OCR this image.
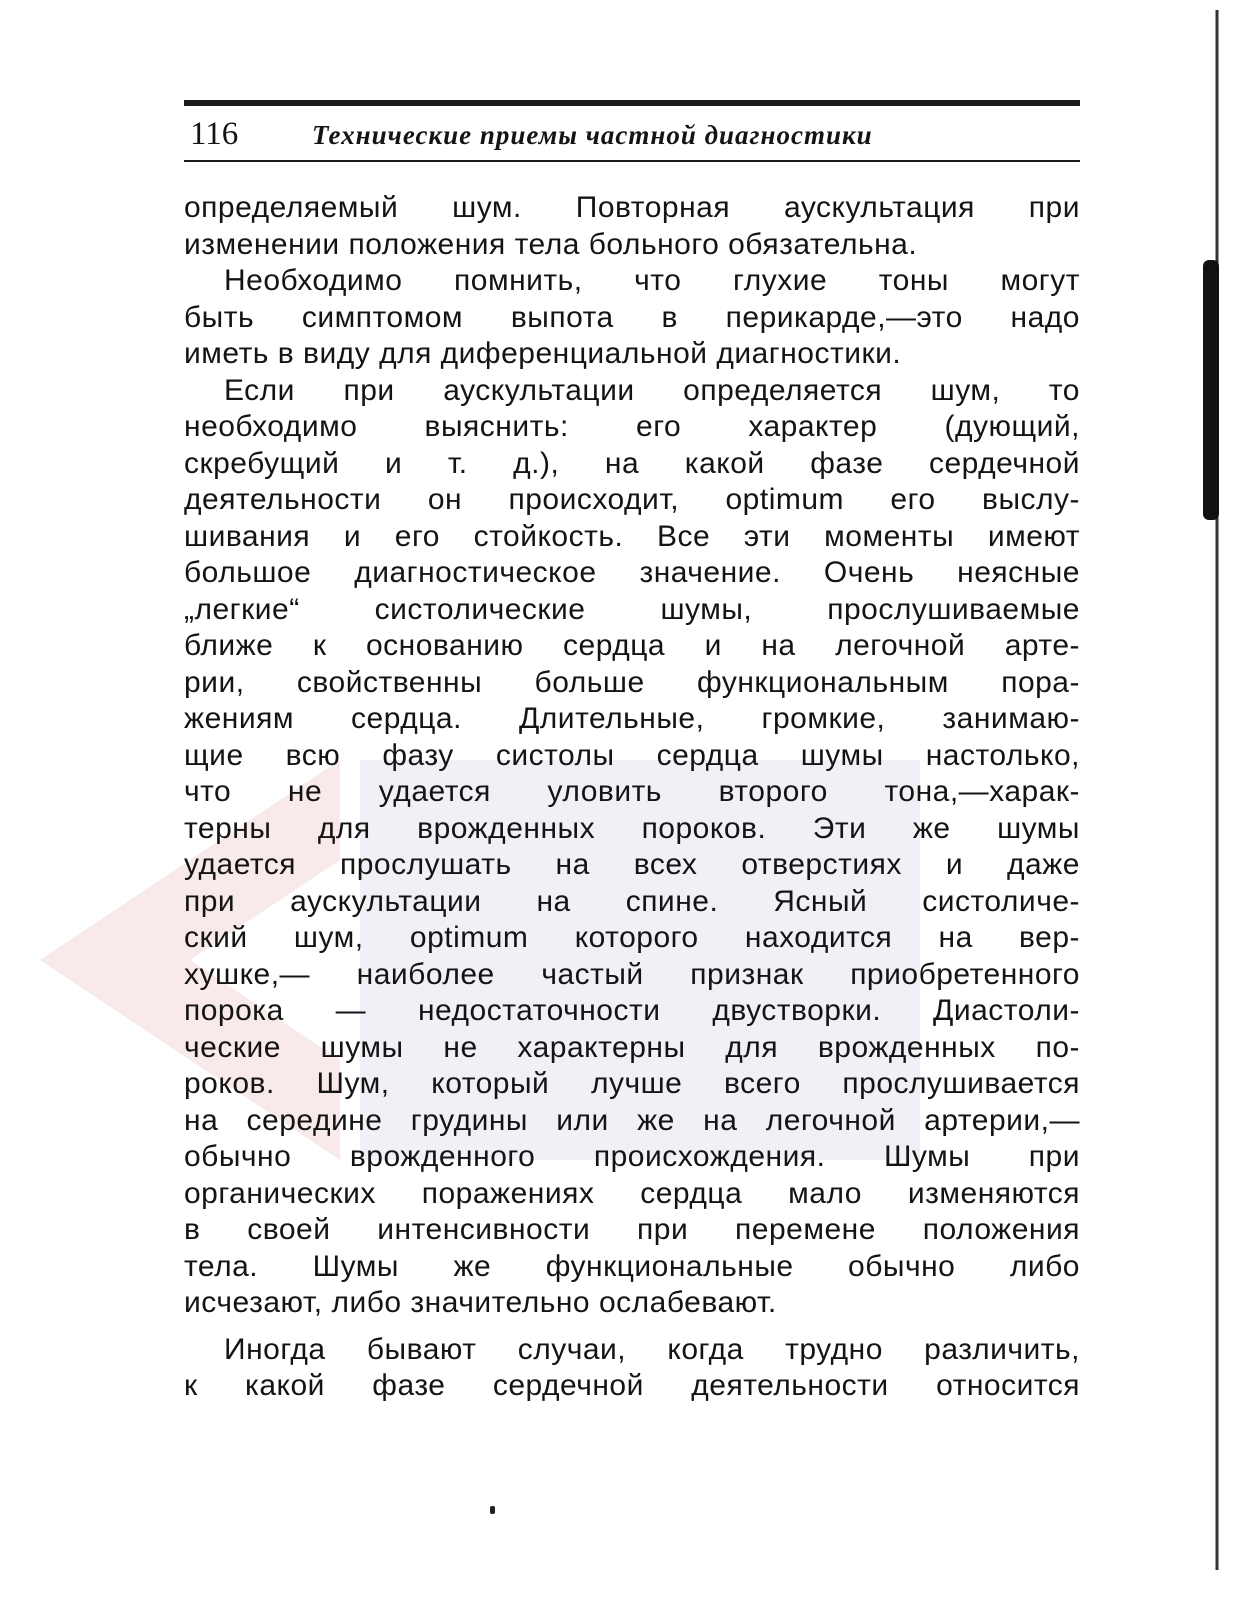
116	Технические приемы частной диагностики
определяемый шум. Повторная аускультация при
изменении положения тела больного обязательна.
Необходимо помнить, что глухие тоны могут
быть симптомом выпота в перикарде,—это надо
иметь в виду для диференциальной диагностики.
Если при аускультации определяется шум, то
необходимо выяснить: его характер (дующий,
скребущий и т. д.), на какой фазе сердечной
деятельности он происходит, optimum его выслу-
шивания и его стойкость. Все эти моменты имеют
большое диагностическое значение. Очень неясные
„легкие“ систолические шумы, прослушиваемые
ближе к основанию сердца и на легочной арте-
рии, свойственны больше функциональным пора-
жениям сердца. Длительные, громкие, занимаю-
щие всю фазу систолы сердца шумы настолько,
что не удается уловить второго тона,—харак-
терны для врожденных пороков. Эти же шумы
удается прослушать на всех отверстиях и даже
при аускультации на спине. Ясный систоличе-
ский шум, optimum которого находится на вер-
хушке,— наиболее частый признак приобретенного
порока — недостаточности двустворки. Диастоли-
ческие шумы не характерны для врожденных по-
роков. Шум, который лучше всего прослушивается
на середине грудины или же на легочной артерии,—
обычно врожденного происхождения. Шумы при
органических поражениях сердца мало изменяются
в своей интенсивности при перемене положения
тела. Шумы же функциональные обычно либо
исчезают, либо значительно ослабевают.
Иногда бывают случаи, когда трудно различить,
к какой фазе сердечной деятельности относится
